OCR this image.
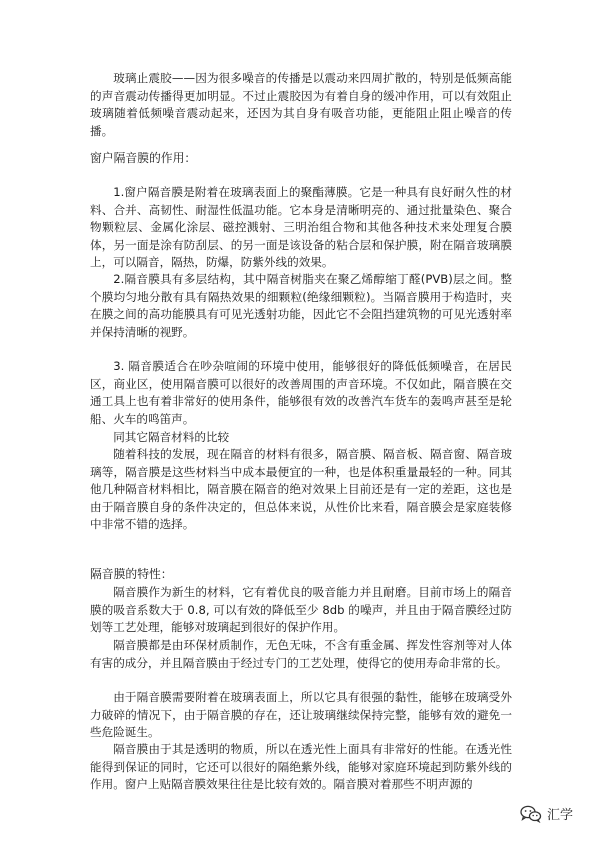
玻璃止震胶——因为很多噪音的传播是以震动来四周扩散的，特别是低频高能的声音震动传播得更加明显。不过止震胶因为有着自身的缓冲作用，可以有效阻止玻璃随着低频噪音震动起来，还因为其自身有吸音功能，更能阻止阻止噪音的传播。

窗户隔音膜的作用：

1.窗户隔音膜是附着在玻璃表面上的聚酯薄膜。它是一种具有良好耐久性的材料、合并、高韧性、耐湿性低温功能。它本身是清晰明亮的、通过批量染色、聚合物颗粒层、金属化涂层、磁控溅射、三明治组合物和其他各种技术来处理复合膜体，另一面是涂有防刮层、的另一面是该设备的粘合层和保护膜，附在隔音玻璃膜上，可以隔音，隔热，防爆，防紫外线的效果。

2.隔音膜具有多层结构，其中隔音树脂夹在聚乙烯醇缩丁醛(PVB)层之间。整个膜均匀地分散有具有隔热效果的细颗粒(绝缘细颗粒)。当隔音膜用于构造时，夹在膜之间的高功能膜具有可见光透射功能，因此它不会阻挡建筑物的可见光透射率并保持清晰的视野。

3. 隔音膜适合在吵杂喧闹的环境中使用，能够很好的降低低频噪音，在居民区，商业区，使用隔音膜可以很好的改善周围的声音环境。不仅如此，隔音膜在交通工具上也有着非常好的使用条件，能够很有效的改善汽车货车的轰鸣声甚至是轮船、火车的鸣笛声。

同其它隔音材料的比较

随着科技的发展，现在隔音的材料有很多，隔音膜、隔音板、隔音窗、隔音玻璃等，隔音膜是这些材料当中成本最便宜的一种，也是体积重量最轻的一种。同其他几种隔音材料相比，隔音膜在隔音的绝对效果上目前还是有一定的差距，这也是由于隔音膜自身的条件决定的，但总体来说，从性价比来看，隔音膜会是家庭装修中非常不错的选择。

隔音膜的特性：

隔音膜作为新生的材料，它有着优良的吸音能力并且耐磨。目前市场上的隔音膜的吸音系数大于 0.8, 可以有效的降低至少 8db 的噪声，并且由于隔音膜经过防划等工艺处理，能够对玻璃起到很好的保护作用。

隔音膜都是由环保材质制作，无色无味，不含有重金属、挥发性容剂等对人体有害的成分，并且隔音膜由于经过专门的工艺处理，使得它的使用寿命非常的长。

由于隔音膜需要附着在玻璃表面上，所以它具有很强的黏性，能够在玻璃受外力破碎的情况下，由于隔音膜的存在，还让玻璃继续保持完整，能够有效的避免一些危险诞生。

隔音膜由于其是透明的物质，所以在透光性上面具有非常好的性能。在透光性能得到保证的同时，它还可以很好的隔绝紫外线，能够对家庭环境起到防紫外线的作用。窗户上贴隔音膜效果往往是比较有效的。隔音膜对着那些不明声源的

汇学
